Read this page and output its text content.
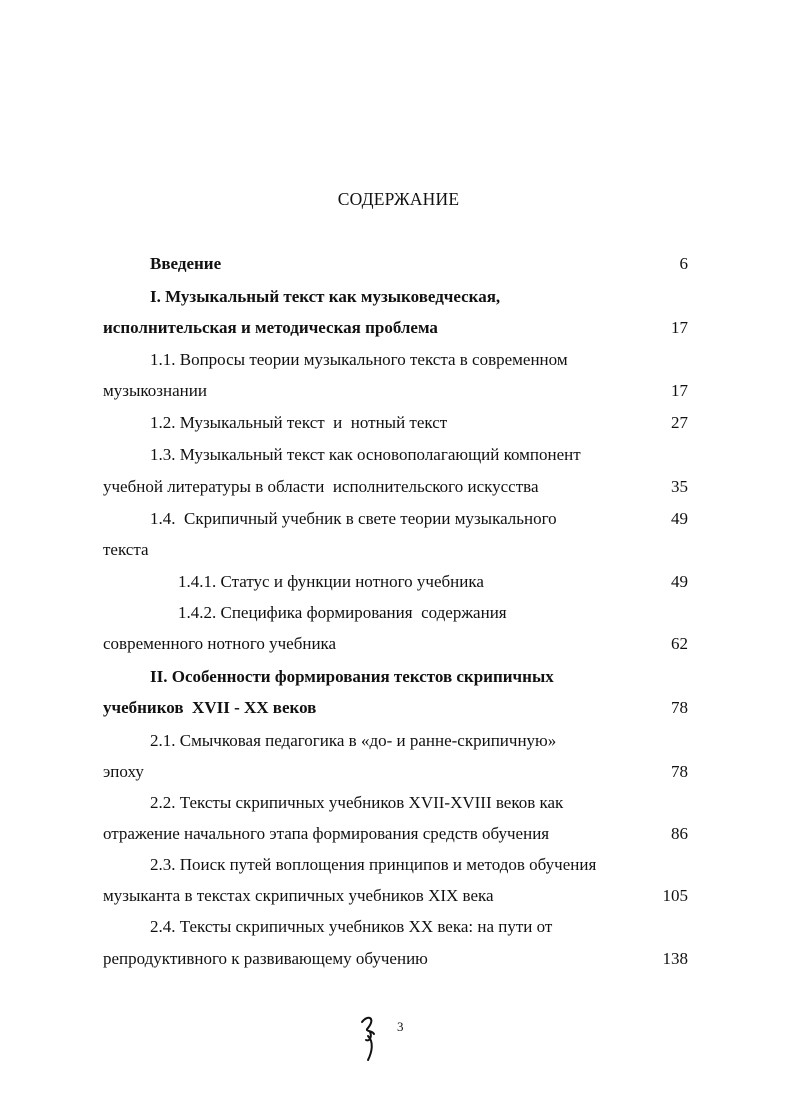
СОДЕРЖАНИЕ
Введение	6
I. Музыкальный текст как музыковедческая,
исполнительская и методическая проблема	17
1.1. Вопросы теории музыкального текста в современном
музыкознании	17
1.2. Музыкальный текст  и  нотный текст	27
1.3. Музыкальный текст как основополагающий компонент
учебной литературы в области  исполнительского искусства	35
1.4.  Скрипичный учебник в свете теории музыкального	49
текста
1.4.1. Статус и функции нотного учебника	49
1.4.2. Специфика формирования  содержания
современного нотного учебника	62
II. Особенности формирования текстов скрипичных
учебников  XVII - XX веков	78
2.1. Смычковая педагогика в «до- и ранне-скрипичную»
эпоху	78
2.2. Тексты скрипичных учебников XVII-XVIII веков как
отражение начального этапа формирования средств обучения	86
2.3. Поиск путей воплощения принципов и методов обучения
музыканта в текстах скрипичных учебников XIX века	105
2.4. Тексты скрипичных учебников XX века: на пути от
репродуктивного к развивающему обучению	138
3
